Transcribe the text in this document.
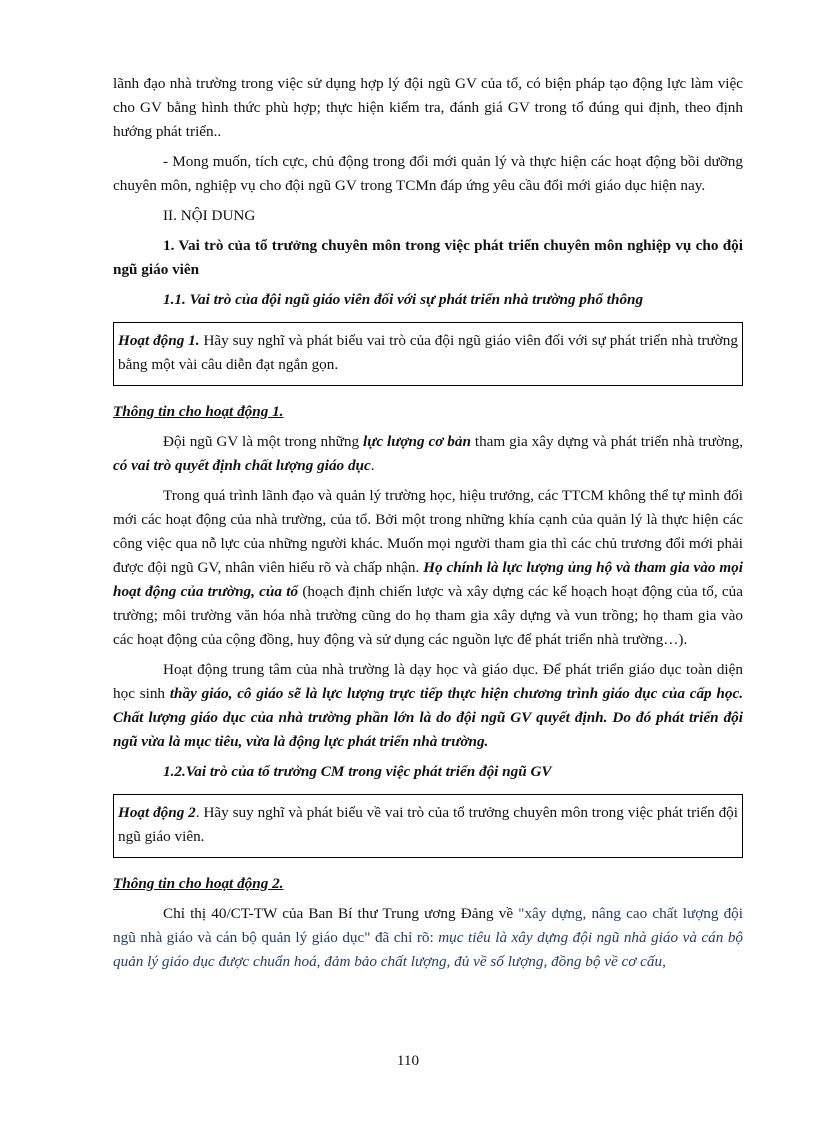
lãnh đạo nhà trường trong việc sử dụng hợp lý đội ngũ GV của tổ, có biện pháp tạo động lực làm việc cho GV bằng hình thức phù hợp; thực hiện kiểm tra, đánh giá GV trong tổ đúng qui định, theo định hướng phát triển..

- Mong muốn, tích cực, chủ động trong đổi mới quản lý và thực hiện các hoạt động bồi dưỡng chuyên môn, nghiệp vụ cho đội ngũ GV trong TCMn đáp ứng yêu cầu đổi mới giáo dục hiện nay.

II. NỘI DUNG

1. Vai trò của tổ trưởng chuyên môn trong việc phát triển chuyên môn nghiệp vụ cho đội ngũ giáo viên

1.1. Vai trò của đội ngũ giáo viên đối với sự phát triển nhà trường phổ thông

Hoạt động 1. Hãy suy nghĩ và phát biểu vai trò của đội ngũ giáo viên đối với sự phát triển nhà trường bằng một vài câu diễn đạt ngắn gọn.

Thông tin cho hoạt động 1.

Đội ngũ GV là một trong những lực lượng cơ bản tham gia xây dựng và phát triển nhà trường, có vai trò quyết định chất lượng giáo dục.

Trong quá trình lãnh đạo và quản lý trường học, hiệu trưởng, các TTCM không thể tự mình đổi mới các hoạt động của nhà trường, của tổ. Bởi một trong những khía cạnh của quản lý là thực hiện các công việc qua nỗ lực của những người khác. Muốn mọi người tham gia thì các chủ trương đổi mới phải được đội ngũ GV, nhân viên hiểu rõ và chấp nhận. Họ chính là lực lượng ủng hộ và tham gia vào mọi hoạt động của trường, của tổ (hoạch định chiến lược và xây dựng các kế hoạch hoạt động của tổ, của trường; môi trường văn hóa nhà trường cũng do họ tham gia xây dựng và vun trồng; họ tham gia vào các hoạt động của cộng đồng, huy động và sử dụng các nguồn lực để phát triển nhà trường…).

Hoạt động trung tâm của nhà trường là dạy học và giáo dục. Để phát triển giáo dục toàn diện học sinh thầy giáo, cô giáo sẽ là lực lượng trực tiếp thực hiện chương trình giáo dục của cấp học. Chất lượng giáo dục của nhà trường phần lớn là do đội ngũ GV quyết định. Do đó phát triển đội ngũ vừa là mục tiêu, vừa là động lực phát triển nhà trường.

1.2.Vai trò của tổ trưởng CM trong việc phát triển đội ngũ GV

Hoạt động 2. Hãy suy nghĩ và phát biểu về vai trò của tổ trưởng chuyên môn trong việc phát triển đội ngũ giáo viên.

Thông tin cho hoạt động 2.

Chỉ thị 40/CT-TW của Ban Bí thư Trung ương Đảng về "xây dựng, nâng cao chất lượng đội ngũ nhà giáo và cán bộ quản lý giáo dục" đã chỉ rõ: mục tiêu là xây dựng đội ngũ nhà giáo và cán bộ quản lý giáo dục được chuẩn hoá, đảm bảo chất lượng, đủ về số lượng, đồng bộ về cơ cấu,

110
